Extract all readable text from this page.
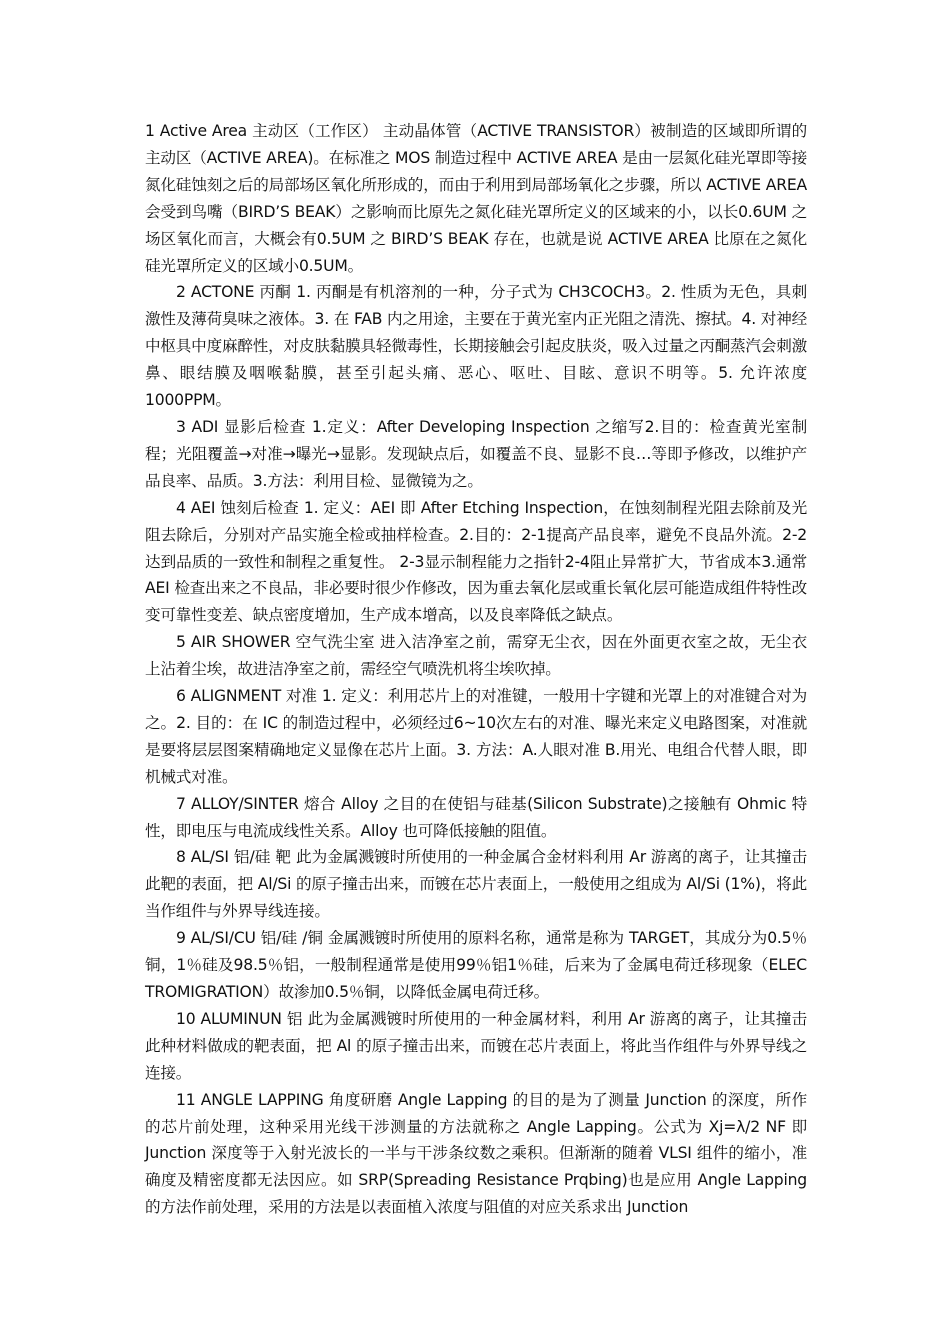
1 Active Area 主动区（工作区） 主动晶体管（ACTIVE TRANSISTOR）被制造的区域即所谓的主动区（ACTIVE AREA)。在标准之 MOS 制造过程中 ACTIVE AREA 是由一层氮化硅光罩即等接氮化硅蚀刻之后的局部场区氧化所形成的，而由于利用到局部场氧化之步骤，所以 ACTIVE AREA 会受到鸟嘴（BIRD’S BEAK）之影响而比原先之氮化硅光罩所定义的区域来的小，以长0.6UM 之场区氧化而言，大概会有0.5UM 之 BIRD’S BEAK 存在，也就是说 ACTIVE AREA 比原在之氮化硅光罩所定义的区域小0.5UM。

2 ACTONE 丙酮 1. 丙酮是有机溶剂的一种，分子式为 CH3COCH3。2. 性质为无色，具刺激性及薄荷臭味之液体。3. 在 FAB 内之用途，主要在于黄光室内正光阻之清洗、擦拭。4. 对神经中枢具中度麻醉性，对皮肤黏膜具轻微毒性，长期接触会引起皮肤炎，吸入过量之丙酮蒸汽会刺激鼻、眼结膜及咽喉黏膜，甚至引起头痛、恶心、呕吐、目眩、意识不明等。5. 允许浓度1000PPM。

3 ADI 显影后检查 1.定义：After Developing Inspection 之缩写2.目的：检查黄光室制程；光阻覆盖→对准→曝光→显影。发现缺点后，如覆盖不良、显影不良…等即予修改，以维护产品良率、品质。3.方法：利用目检、显微镜为之。

4 AEI 蚀刻后检查 1. 定义：AEI 即 After Etching Inspection，在蚀刻制程光阻去除前及光阻去除后，分别对产品实施全检或抽样检查。2.目的：2-1提高产品良率，避免不良品外流。2-2达到品质的一致性和制程之重复性。 2-3显示制程能力之指针2-4阻止异常扩大，节省成本3.通常 AEI 检查出来之不良品，非必要时很少作修改，因为重去氧化层或重长氧化层可能造成组件特性改变可靠性变差、缺点密度增加，生产成本增高，以及良率降低之缺点。

5 AIR SHOWER 空气洗尘室 进入洁净室之前，需穿无尘衣，因在外面更衣室之故，无尘衣上沾着尘埃，故进洁净室之前，需经空气喷洗机将尘埃吹掉。

6 ALIGNMENT 对准 1. 定义：利用芯片上的对准键，一般用十字键和光罩上的对准键合对为之。2. 目的：在 IC 的制造过程中，必须经过6~10次左右的对准、曝光来定义电路图案，对准就是要将层层图案精确地定义显像在芯片上面。3. 方法：A.人眼对准 B.用光、电组合代替人眼，即机械式对准。

7 ALLOY/SINTER 熔合 Alloy 之目的在使铝与硅基(Silicon Substrate)之接触有 Ohmic 特性，即电压与电流成线性关系。Alloy 也可降低接触的阻值。

8 AL/SI 铝/硅 靶 此为金属溅镀时所使用的一种金属合金材料利用 Ar 游离的离子，让其撞击此靶的表面，把 Al/Si 的原子撞击出来，而镀在芯片表面上，一般使用之组成为 Al/Si (1%)，将此当作组件与外界导线连接。

9 AL/SI/CU 铝/硅 /铜 金属溅镀时所使用的原料名称，通常是称为 TARGET，其成分为0.5％铜，1％硅及98.5％铝，一般制程通常是使用99％铝1％硅，后来为了金属电荷迁移现象（ELEC TROMIGRATION）故渗加0.5％铜，以降低金属电荷迁移。

10 ALUMINUN 铝 此为金属溅镀时所使用的一种金属材料，利用 Ar 游离的离子，让其撞击此种材料做成的靶表面，把 Al 的原子撞击出来，而镀在芯片表面上，将此当作组件与外界导线之连接。

11 ANGLE LAPPING 角度研磨 Angle Lapping 的目的是为了测量 Junction 的深度，所作的芯片前处理，这种采用光线干涉测量的方法就称之 Angle Lapping。公式为 Xj=λ/2 NF 即 Junction 深度等于入射光波长的一半与干涉条纹数之乘积。但渐渐的随着 VLSI 组件的缩小，准确度及精密度都无法因应。如 SRP(Spreading Resistance Prqbing)也是应用 Angle Lapping 的方法作前处理，采用的方法是以表面植入浓度与阻值的对应关系求出 Junction
